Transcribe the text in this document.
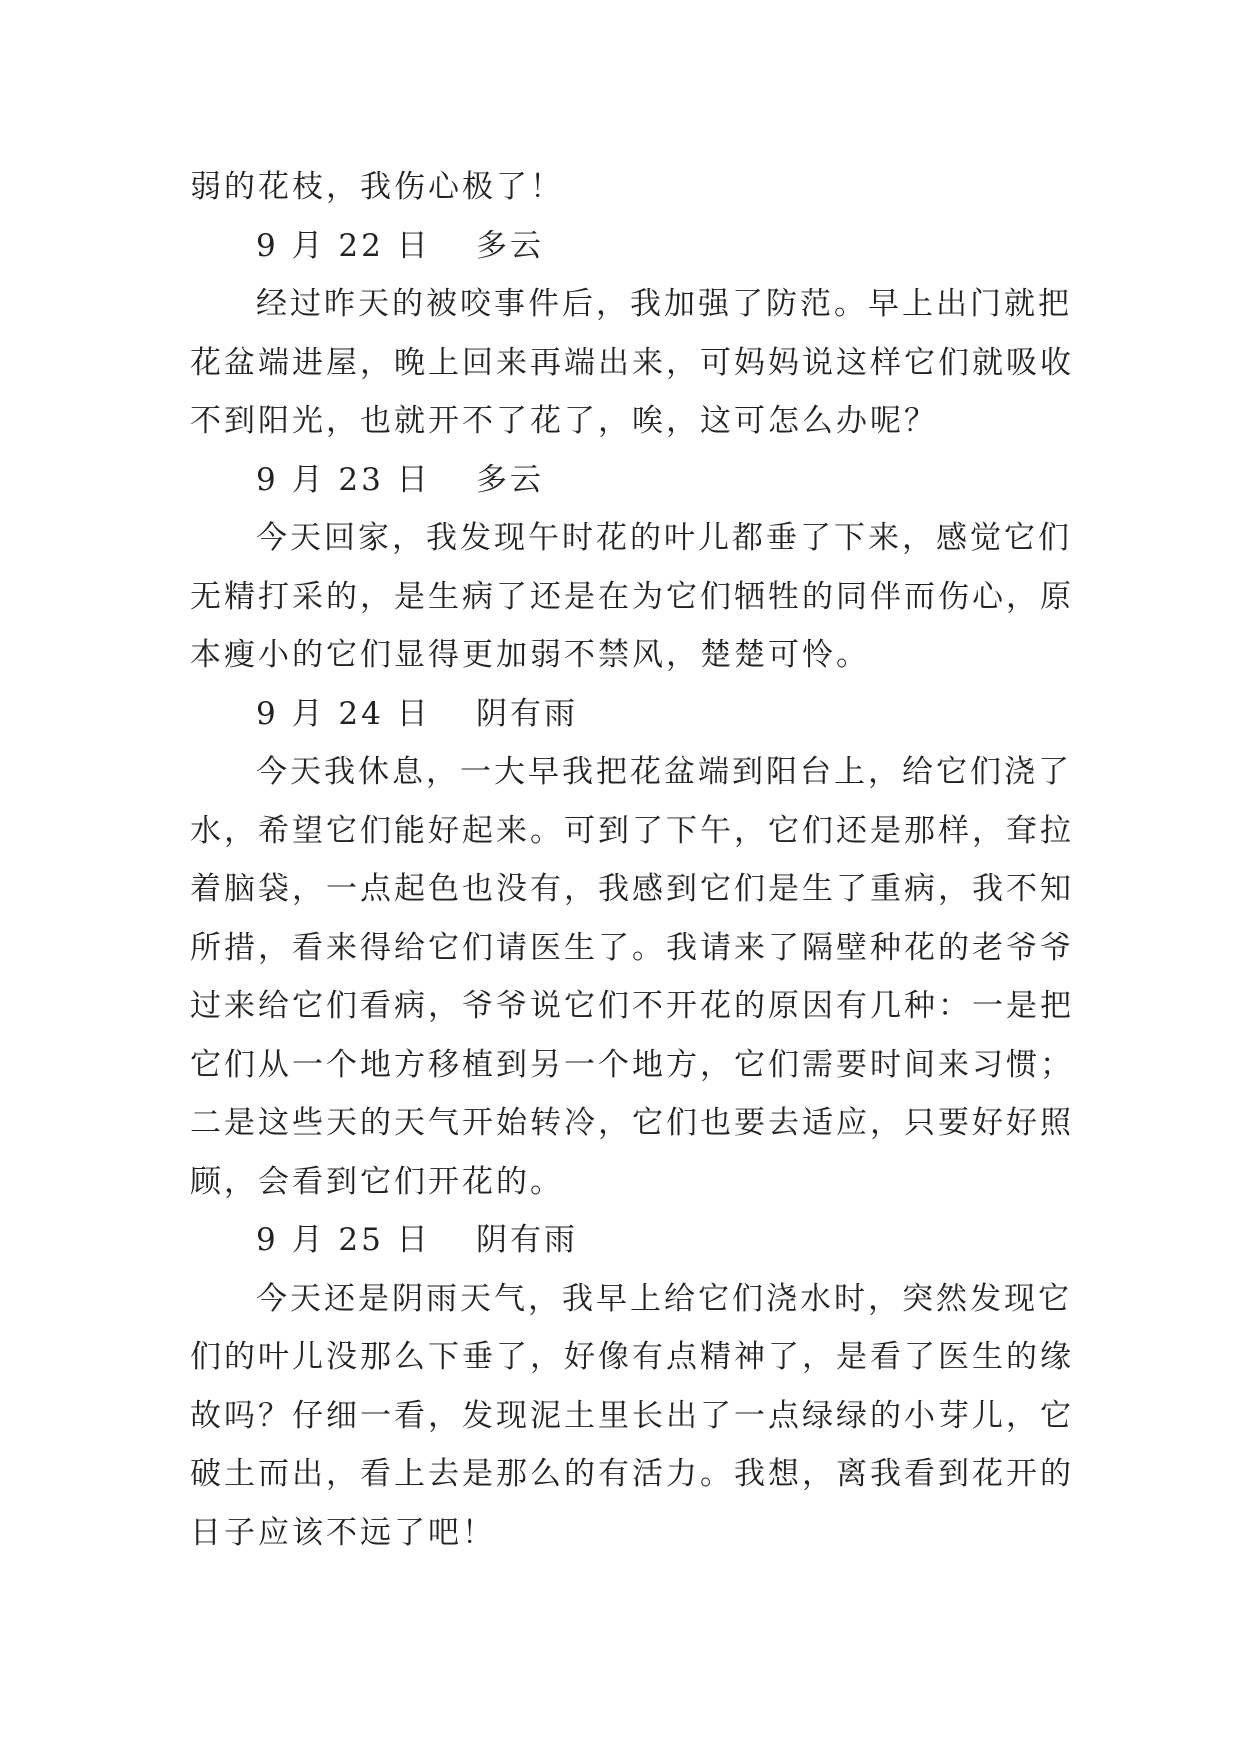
弱的花枝，我伤心极了！
9 月 22 日 多云
经过昨天的被咬事件后，我加强了防范。早上出门就把
花盆端进屋，晚上回来再端出来，可妈妈说这样它们就吸收
不到阳光，也就开不了花了，唉，这可怎么办呢？
9 月 23 日 多云
今天回家，我发现午时花的叶儿都垂了下来，感觉它们
无精打采的，是生病了还是在为它们牺牲的同伴而伤心，原
本瘦小的它们显得更加弱不禁风，楚楚可怜。
9 月 24 日 阴有雨
今天我休息，一大早我把花盆端到阳台上，给它们浇了
水，希望它们能好起来。可到了下午，它们还是那样，耷拉
着脑袋，一点起色也没有，我感到它们是生了重病，我不知
所措，看来得给它们请医生了。我请来了隔壁种花的老爷爷
过来给它们看病，爷爷说它们不开花的原因有几种：一是把
它们从一个地方移植到另一个地方，它们需要时间来习惯；
二是这些天的天气开始转冷，它们也要去适应，只要好好照
顾，会看到它们开花的。
9 月 25 日 阴有雨
今天还是阴雨天气，我早上给它们浇水时，突然发现它
们的叶儿没那么下垂了，好像有点精神了，是看了医生的缘
故吗？仔细一看，发现泥土里长出了一点绿绿的小芽儿，它
破土而出，看上去是那么的有活力。我想，离我看到花开的
日子应该不远了吧！
